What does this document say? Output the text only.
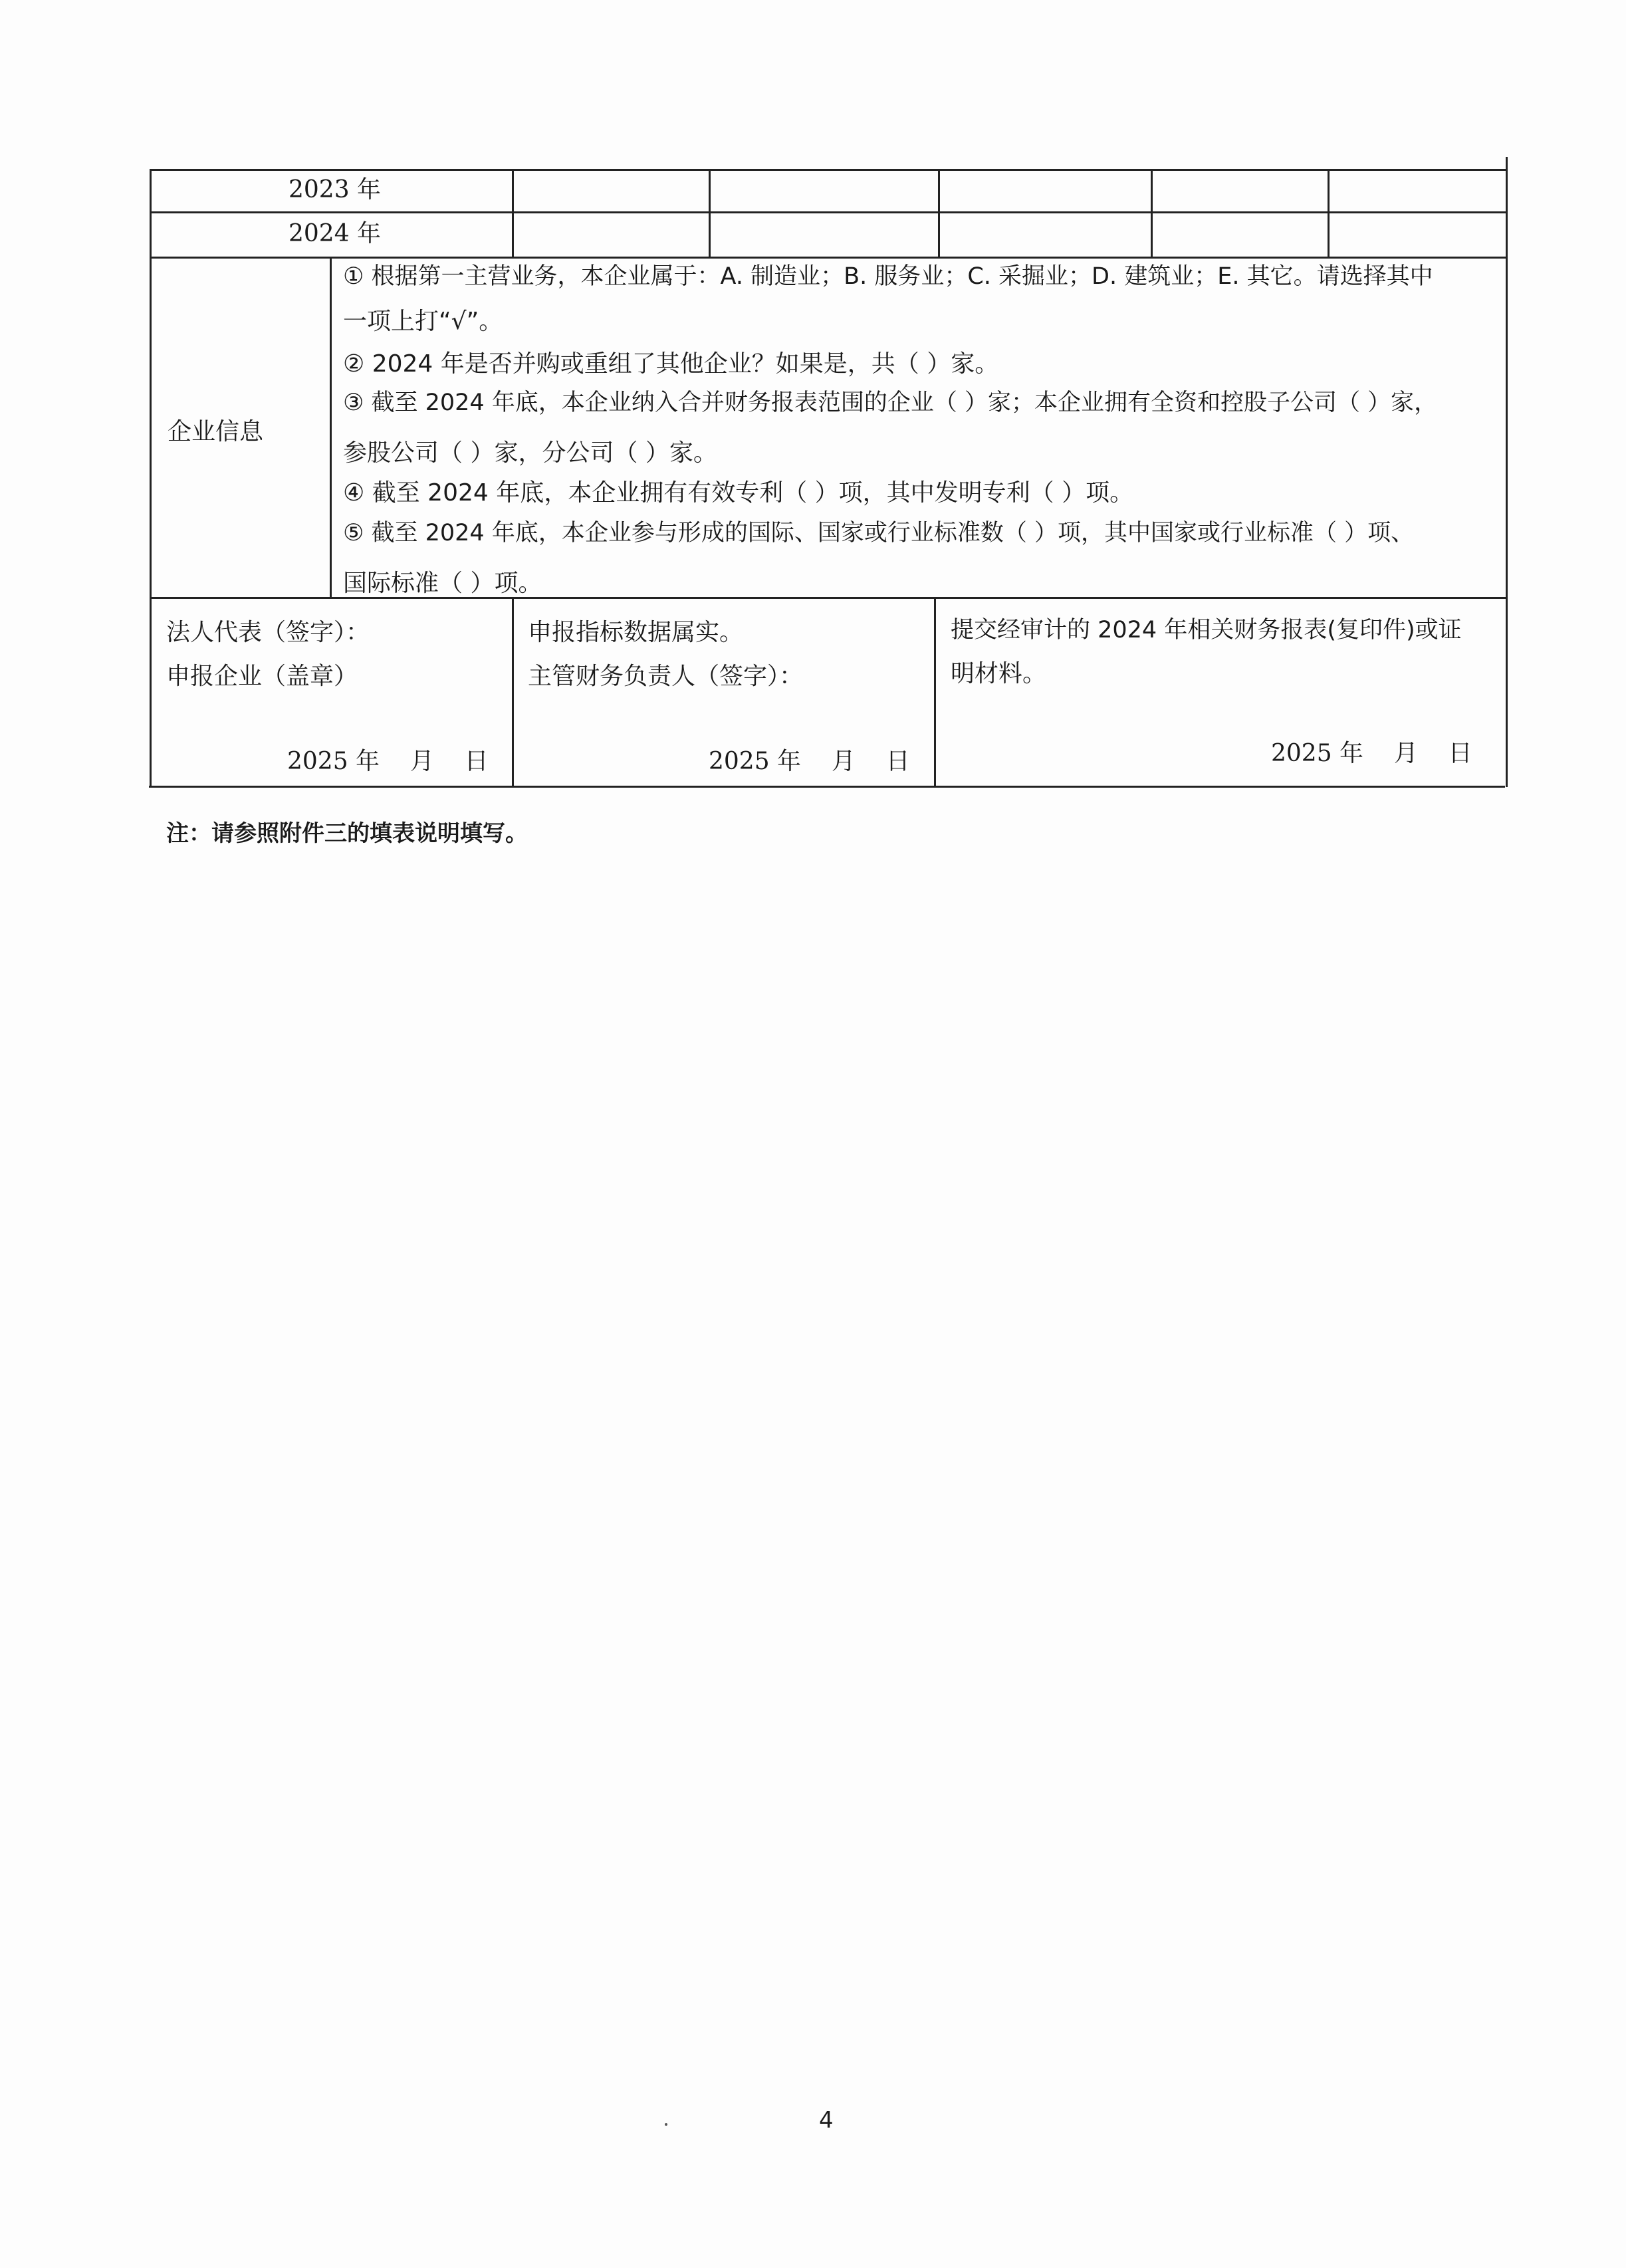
2023 年
2024 年
企业信息
① 根据第一主营业务，本企业属于：A. 制造业；B. 服务业；C. 采掘业；D. 建筑业；E. 其它。请选择其中
一项上打“√”。
② 2024 年是否并购或重组了其他企业？如果是，共（ ）家。
③ 截至 2024 年底，本企业纳入合并财务报表范围的企业（ ）家；本企业拥有全资和控股子公司（ ）家，
参股公司（ ）家，分公司（ ）家。
④ 截至 2024 年底，本企业拥有有效专利（ ）项，其中发明专利（ ）项。
⑤ 截至 2024 年底，本企业参与形成的国际、国家或行业标准数（ ）项，其中国家或行业标准（ ）项、
国际标准（ ）项。
法人代表（签字）：
申报企业（盖章）
2025 年    月    日
申报指标数据属实。
主管财务负责人（签字）：
2025 年    月    日
提交经审计的 2024 年相关财务报表(复印件)或证
明材料。
2025 年    月    日
注：请参照附件三的填表说明填写。
4
